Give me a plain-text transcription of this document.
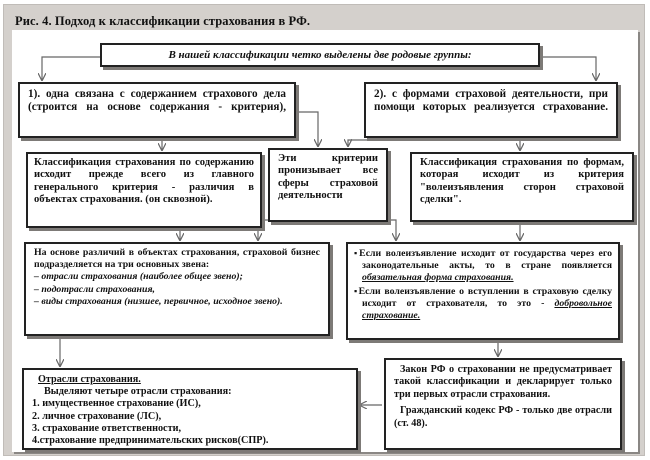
Рис. 4. Подход к классификации страхования в РФ.
В нашей классификации четко выделены две родовые группы:
1). одна связана с содержанием страхового дела (строится на основе содержания - критерия),
2). с формами страховой деятельности, при помощи которых реализуется страхование.
Классификация страхования по содержанию исходит прежде всего из главного генерального критерия - различия в объектах страхования. (он сквозной).
Эти критерии пронизывает все сферы страховой деятельности
Классификация страхования по формам, которая исходит из критерия "волеизъявления сторон страховой сделки".
На основе различий в объектах страхования, страховой бизнес подразделяется на три основных звена:
– отрасли страхования (наиболее общее звено);
– подотрасли страхования,
– виды страхования (низшее, первичное, исходное звено).
▪ Если волеизъявление исходит от государства через его законодательные акты, то в стране появляется обязательная форма страхования.
▪ Если волеизъявление о вступлении в страховую сделку исходит от страхователя, то это - добровольное страхование.
Отрасли страхования.
Выделяют четыре отрасли страхования:
1. имущественное страхование (ИС),
2. личное страхование (ЛС),
3. страхование ответственности,
4.страхование предпринимательских рисков(СПР).
Закон РФ о страховании не предусматривает такой классификации и декларирует только три первых отрасли страхования.
Гражданский кодекс РФ - только две отрасли (ст. 48).
